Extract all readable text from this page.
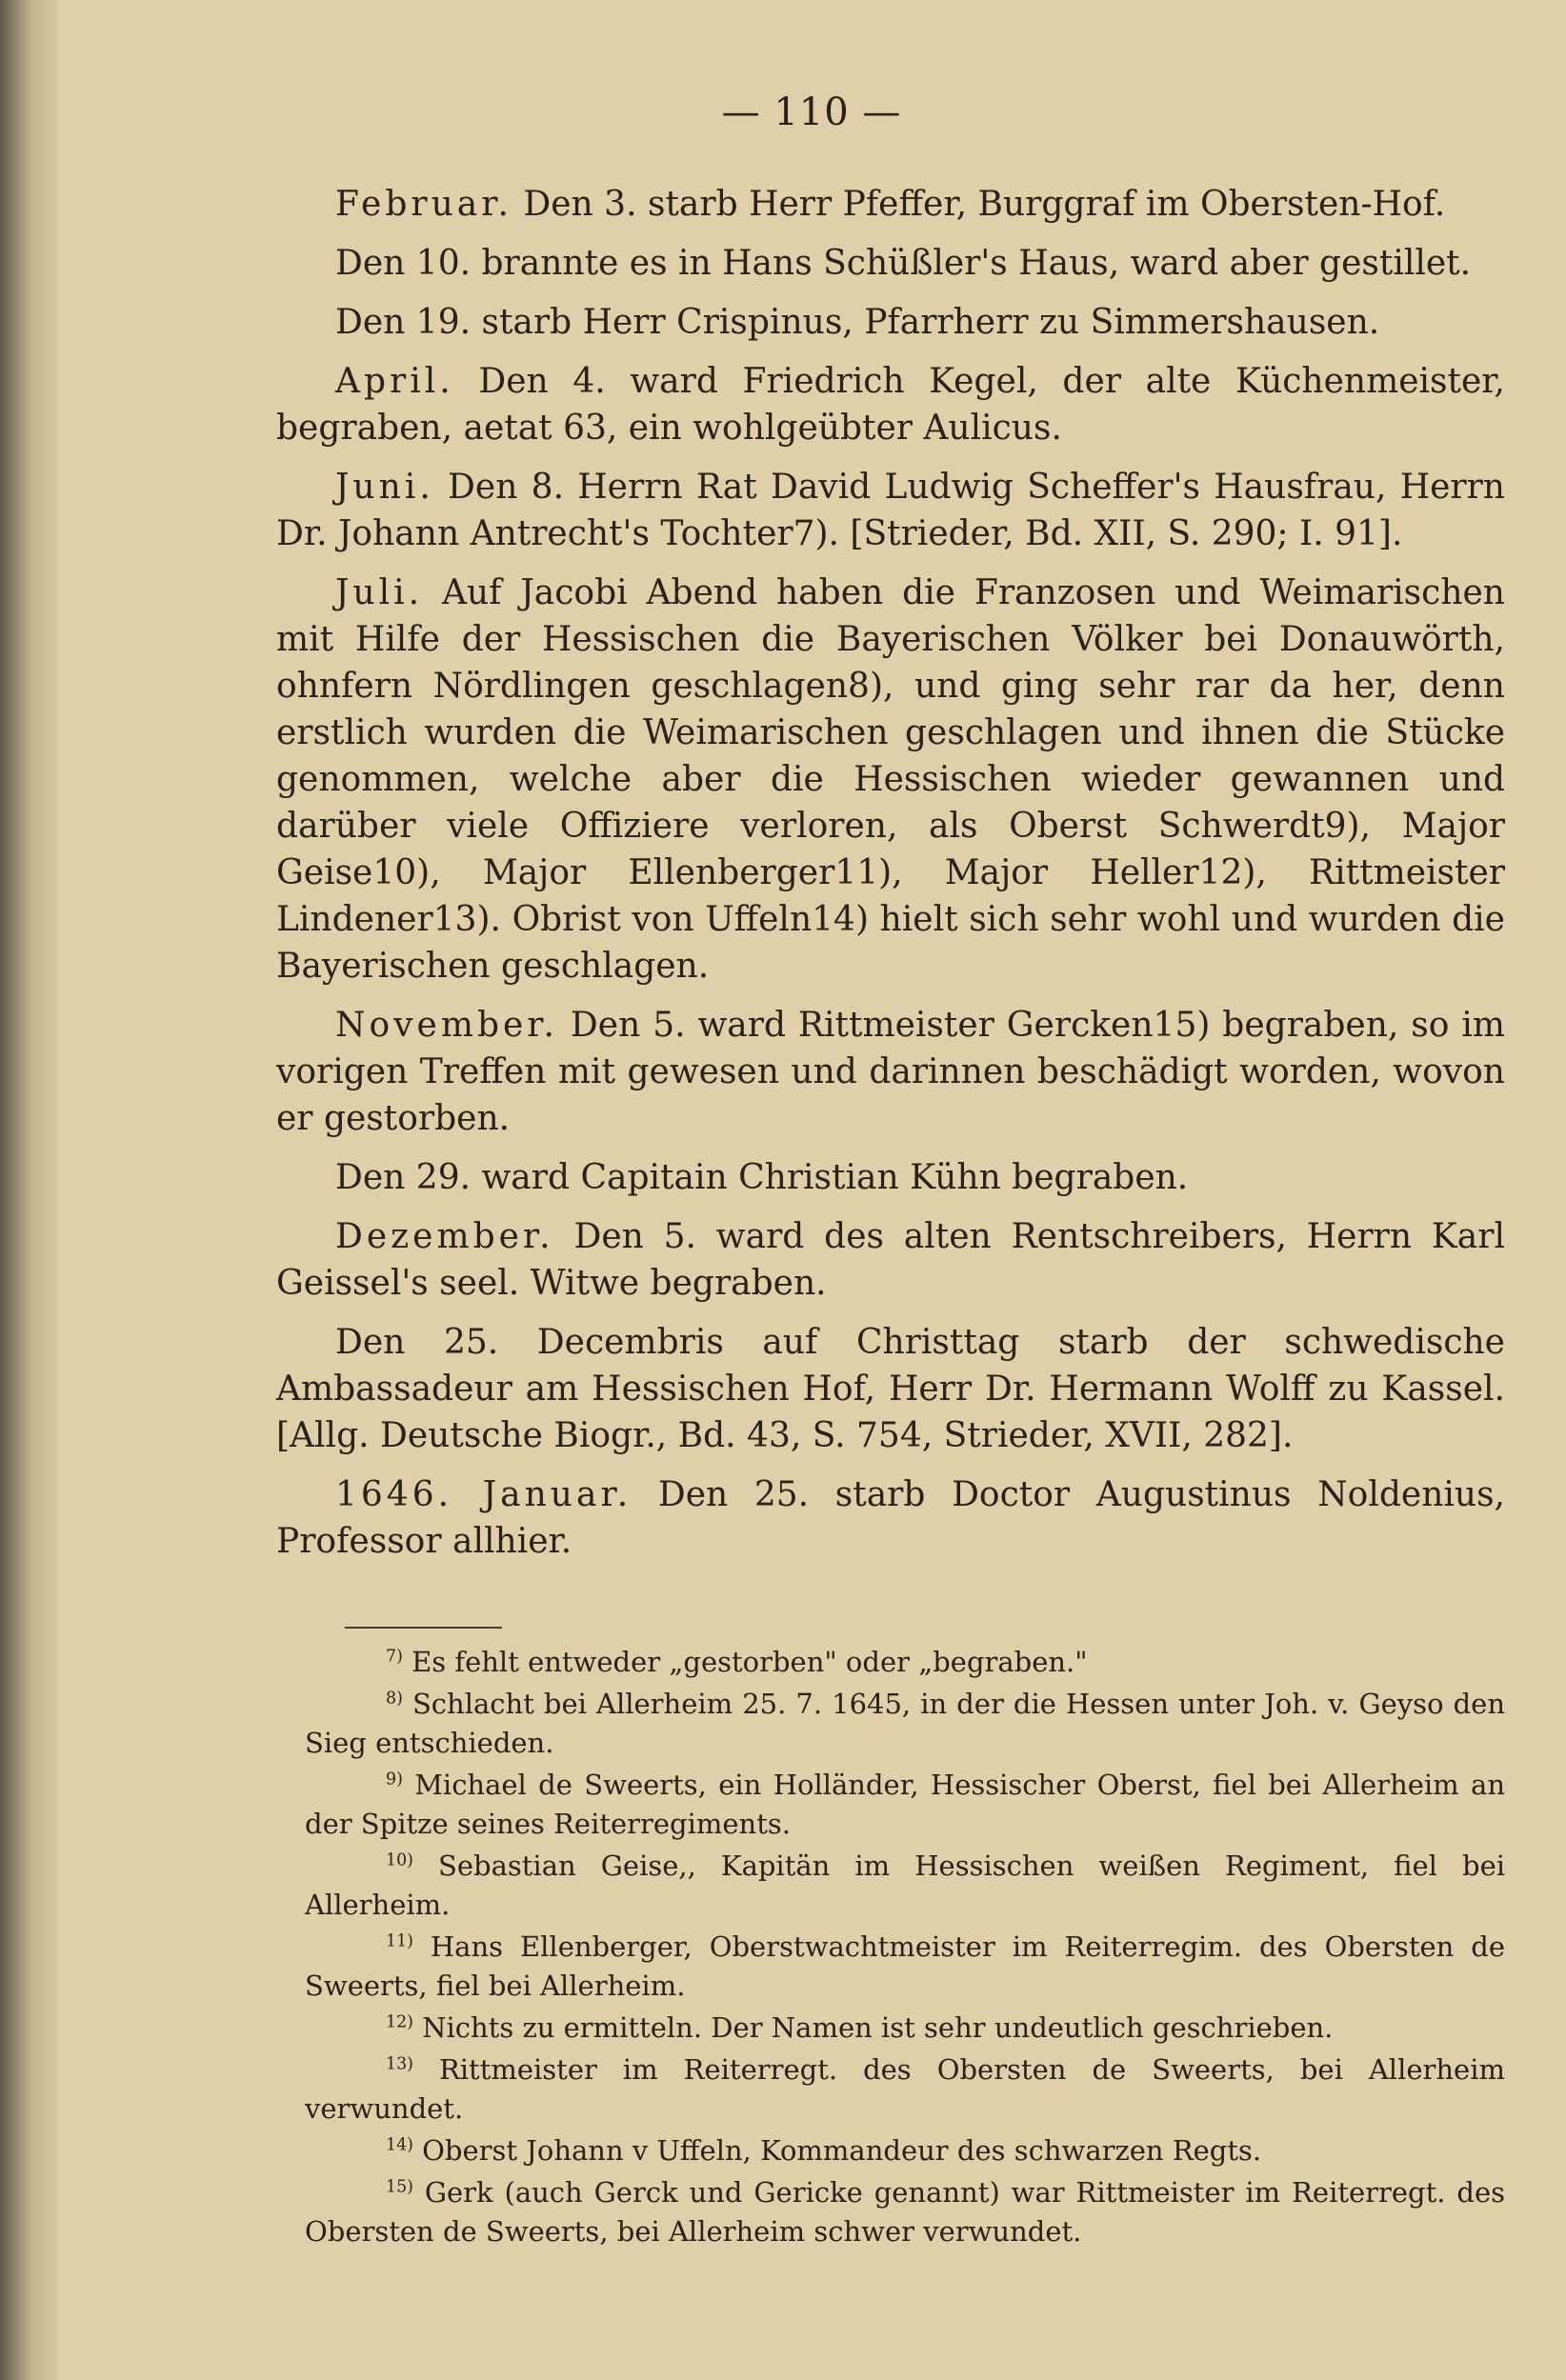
— 110 —

Februar. Den 3. starb Herr Pfeffer, Burggraf im Obersten-Hof.

Den 10. brannte es in Hans Schüßler's Haus, ward aber gestillet.

Den 19. starb Herr Crispinus, Pfarrherr zu Simmershausen.

April. Den 4. ward Friedrich Kegel, der alte Küchenmeister, begraben, aetat 63, ein wohlgeübter Aulicus.

Juni. Den 8. Herrn Rat David Ludwig Scheffer's Hausfrau, Herrn Dr. Johann Antrecht's Tochter7). [Strieder, Bd. XII, S. 290; I. 91].

Juli. Auf Jacobi Abend haben die Franzosen und Weimarischen mit Hilfe der Hessischen die Bayerischen Völker bei Donauwörth, ohnfern Nördlingen geschlagen8), und ging sehr rar da her, denn erstlich wurden die Weimarischen geschlagen und ihnen die Stücke genommen, welche aber die Hessischen wieder gewannen und darüber viele Offiziere verloren, als Oberst Schwerdt9), Major Geise10), Major Ellenberger11), Major Heller12), Rittmeister Lindener13). Obrist von Uffeln14) hielt sich sehr wohl und wurden die Bayerischen geschlagen.

November. Den 5. ward Rittmeister Gercken15) begraben, so im vorigen Treffen mit gewesen und darinnen beschädigt worden, wovon er gestorben.

Den 29. ward Capitain Christian Kühn begraben.

Dezember. Den 5. ward des alten Rentschreibers, Herrn Karl Geissel's seel. Witwe begraben.

Den 25. Decembris auf Christtag starb der schwedische Ambassadeur am Hessischen Hof, Herr Dr. Hermann Wolff zu Kassel. [Allg. Deutsche Biogr., Bd. 43, S. 754, Strieder, XVII, 282].

1646. Januar. Den 25. starb Doctor Augustinus Noldenius, Professor allhier.

$^{7)}$ Es fehlt entweder „gestorben" oder „begraben."

$^{8)}$ Schlacht bei Allerheim 25. 7. 1645, in der die Hessen unter Joh. v. Geyso den Sieg entschieden.

$^{9)}$ Michael de Sweerts, ein Holländer, Hessischer Oberst, fiel bei Allerheim an der Spitze seines Reiterregiments.

$^{10)}$ Sebastian Geise,, Kapitän im Hessischen weißen Regiment, fiel bei Allerheim.

$^{11)}$ Hans Ellenberger, Oberstwachtmeister im Reiterregim. des Obersten de Sweerts, fiel bei Allerheim.

$^{12)}$ Nichts zu ermitteln. Der Namen ist sehr undeutlich geschrieben.

$^{13)}$ Rittmeister im Reiterregt. des Obersten de Sweerts, bei Allerheim verwundet.

$^{14)}$ Oberst Johann v Uffeln, Kommandeur des schwarzen Regts.

$^{15)}$ Gerk (auch Gerck und Gericke genannt) war Rittmeister im Reiterregt. des Obersten de Sweerts, bei Allerheim schwer verwundet.
